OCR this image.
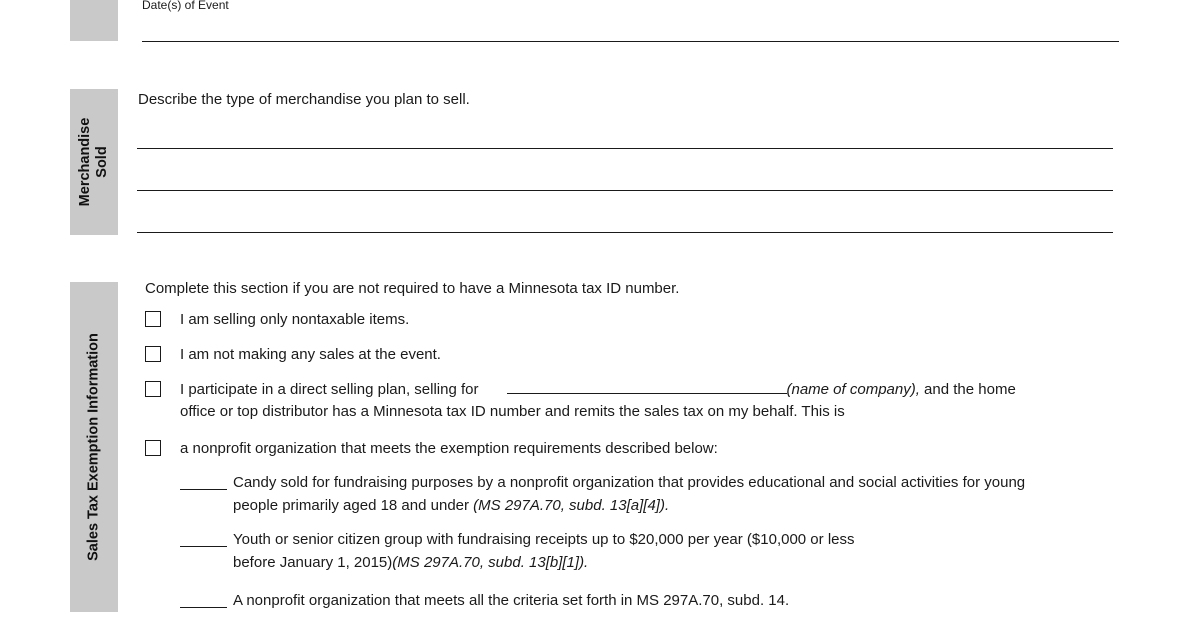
Date(s) of Event
Merchandise Sold
Describe the type of merchandise you plan to sell.
Sales Tax Exemption Information
Complete this section if you are not required to have a Minnesota tax ID number.
I am selling only nontaxable items.
I am not making any sales at the event.
I participate in a direct selling plan, selling for	(name of company), and the home
office or top distributor has a Minnesota tax ID number and remits the sales tax on my behalf. This is
a nonprofit organization that meets the exemption requirements described below:
Candy sold for fundraising purposes by a nonprofit organization that provides educational and social activities for young
people primarily aged 18 and under (MS 297A.70, subd. 13[a][4]).
Youth or senior citizen group with fundraising receipts up to $20,000 per year ($10,000 or less
before January 1, 2015)(MS 297A.70, subd. 13[b][1]).
A nonprofit organization that meets all the criteria set forth in MS 297A.70, subd. 14.
